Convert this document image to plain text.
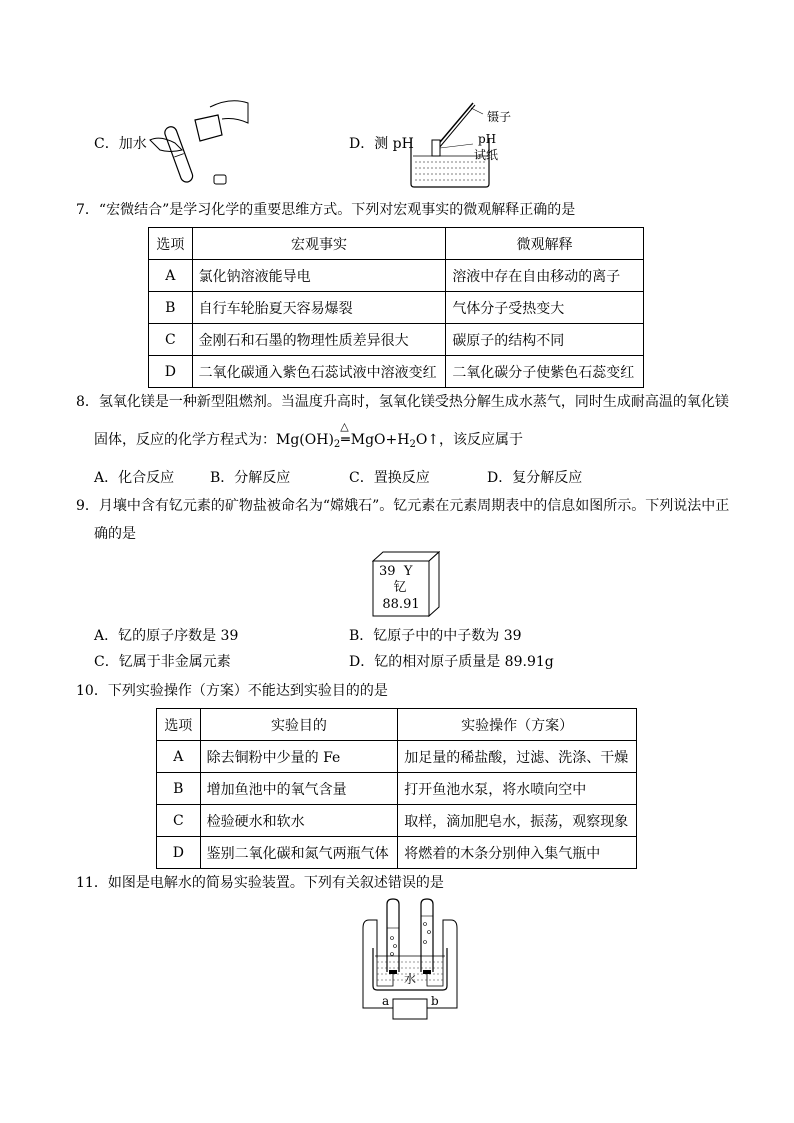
C．加水	D．测 pH
镊子
pH
试纸
7．“宏微结合”是学习化学的重要思维方式。下列对宏观事实的微观解释正确的是
选项	宏观事实	微观解释
A	氯化钠溶液能导电	溶液中存在自由移动的离子
B	自行车轮胎夏天容易爆裂	气体分子受热变大
C	金刚石和石墨的物理性质差异很大	碳原子的结构不同
D	二氧化碳通入紫色石蕊试液中溶液变红	二氧化碳分子使紫色石蕊变红
8．氢氧化镁是一种新型阻燃剂。当温度升高时，氢氧化镁受热分解生成水蒸气，同时生成耐高温的氧化镁
固体，反应的化学方程式为：$Mg(OH)_2$
△
$═MgO+H_2O↑$，该反应属于
A．化合反应	B．分解反应	C．置换反应	D．复分解反应
9．月壤中含有钇元素的矿物盐被命名为“嫦娥石”。钇元素在元素周期表中的信息如图所示。下列说法中正
确的是
39 Y
钇
88.91
A．钇的原子序数是 39	B．钇原子中的中子数为 39
C．钇属于非金属元素	D．钇的相对原子质量是 89.91g
10．下列实验操作（方案）不能达到实验目的的是
选项	实验目的	实验操作（方案）
A	除去铜粉中少量的 Fe	加足量的稀盐酸，过滤、洗涤、干燥
B	增加鱼池中的氧气含量	打开鱼池水泵，将水喷向空中
C	检验硬水和软水	取样，滴加肥皂水，振荡，观察现象
D	鉴别二氧化碳和氮气两瓶气体	将燃着的木条分别伸入集气瓶中
11．如图是电解水的简易实验装置。下列有关叙述错误的是
水
a	b
